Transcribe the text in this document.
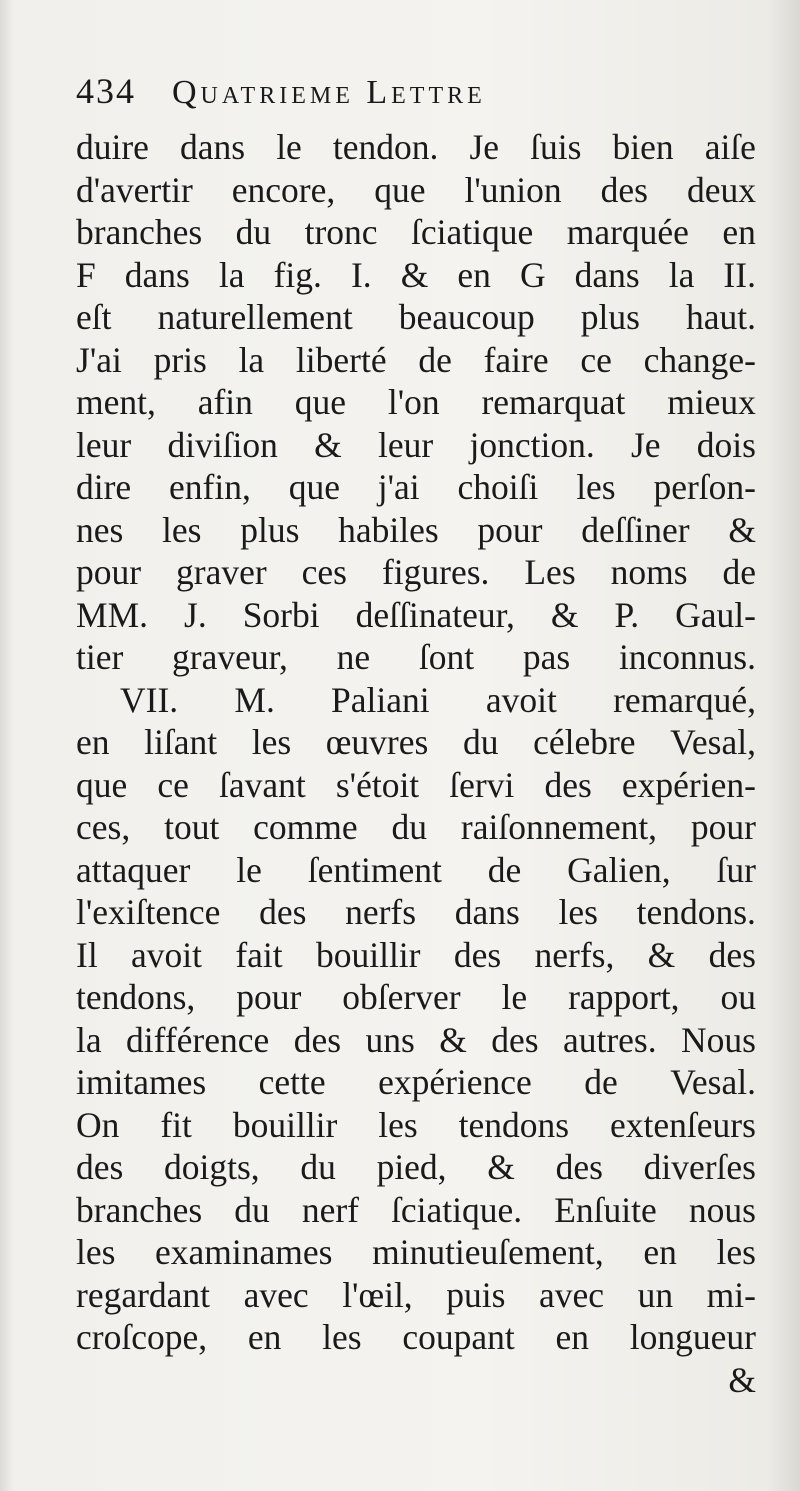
434 Quatrieme Lettre
duire dans le tendon. Je ſuis bien aiſe
d'avertir encore, que l'union des deux
branches du tronc ſciatique marquée en
F dans la fig. I. & en G dans la II.
eſt naturellement beaucoup plus haut.
J'ai pris la liberté de faire ce change-
ment, afin que l'on remarquat mieux
leur diviſion & leur jonction. Je dois
dire enfin, que j'ai choiſi les perſon-
nes les plus habiles pour deſſiner &
pour graver ces figures. Les noms de
MM. J. Sorbi deſſinateur, & P. Gaul-
tier graveur, ne ſont pas inconnus.
VII. M. Paliani avoit remarqué,
en liſant les œuvres du célebre Vesal,
que ce ſavant s'étoit ſervi des expérien-
ces, tout comme du raiſonnement, pour
attaquer le ſentiment de Galien, ſur
l'exiſtence des nerfs dans les tendons.
Il avoit fait bouillir des nerfs, & des
tendons, pour obſerver le rapport, ou
la différence des uns & des autres. Nous
imitames cette expérience de Vesal.
On fit bouillir les tendons extenſeurs
des doigts, du pied, & des diverſes
branches du nerf ſciatique. Enſuite nous
les examinames minutieuſement, en les
regardant avec l'œil, puis avec un mi-
croſcope, en les coupant en longueur
&
